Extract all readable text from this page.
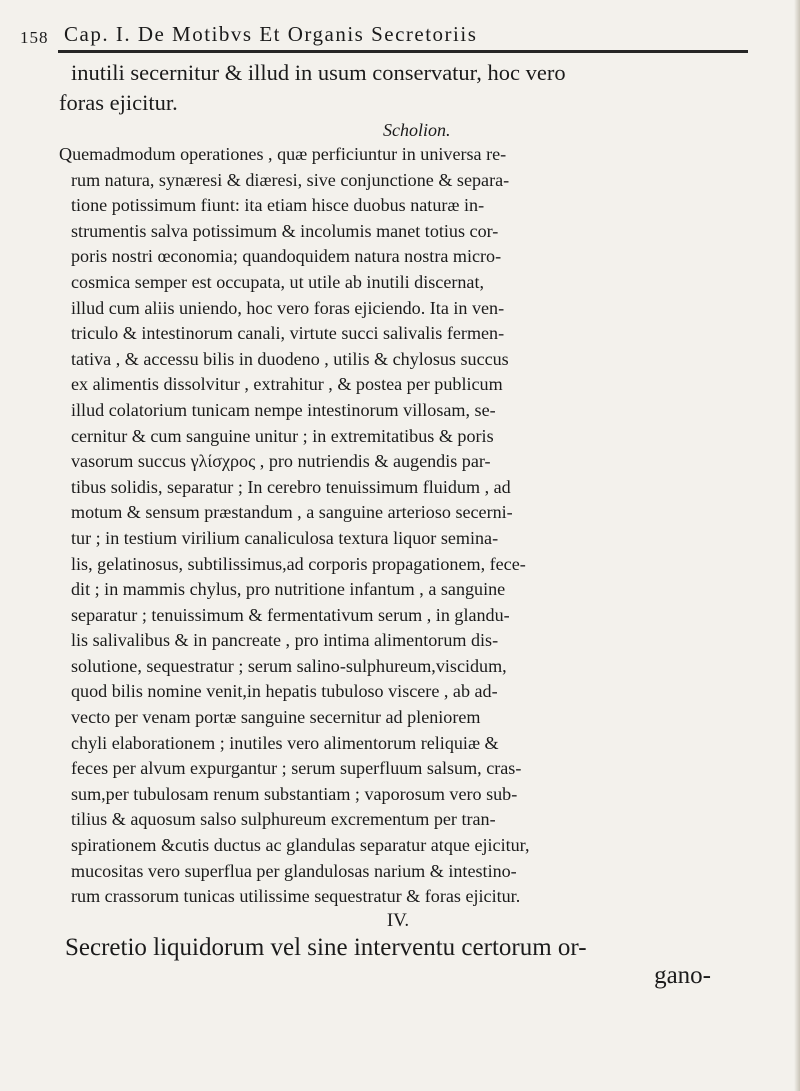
158 Cap. I. De Motibvs Et Organis Secretoriis

inutili secernitur & illud in usum conservatur, hoc vero

foras ejicitur.

Scholion.

Quemadmodum operationes , quæ perficiuntur in universa re-

rum natura, synæresi & diæresi, sive conjunctione & separa-

tione potissimum fiunt: ita etiam hisce duobus naturæ in-

strumentis salva potissimum & incolumis manet totius cor-

poris nostri œconomia; quandoquidem natura nostra micro-

cosmica semper est occupata, ut utile ab inutili discernat,

illud cum aliis uniendo, hoc vero foras ejiciendo. Ita in ven-

triculo & intestinorum canali, virtute succi salivalis fermen-

tativa , & accessu bilis in duodeno , utilis & chylosus succus

ex alimentis dissolvitur , extrahitur , & postea per publicum

illud colatorium tunicam nempe intestinorum villosam, se-

cernitur & cum sanguine unitur ; in extremitatibus & poris

vasorum succus γλίσχρος , pro nutriendis & augendis par-

tibus solidis, separatur ; In cerebro tenuissimum fluidum , ad

motum & sensum præstandum , a sanguine arterioso secerni-

tur ; in testium virilium canaliculosa textura liquor semina-

lis, gelatinosus, subtilissimus,ad corporis propagationem, fece-

dit ; in mammis chylus, pro nutritione infantum , a sanguine

separatur ; tenuissimum & fermentativum serum , in glandu-

lis salivalibus & in pancreate , pro intima alimentorum dis-

solutione, sequestratur ; serum salino-sulphureum,viscidum,

quod bilis nomine venit,in hepatis tubuloso viscere , ab ad-

vecto per venam portæ sanguine secernitur ad pleniorem

chyli elaborationem ; inutiles vero alimentorum reliquiæ &

feces per alvum expurgantur ; serum superfluum salsum, cras-

sum,per tubulosam renum substantiam ; vaporosum vero sub-

tilius & aquosum salso sulphureum excrementum per tran-

spirationem &cutis ductus ac glandulas separatur atque ejicitur,

mucositas vero superflua per glandulosas narium & intestino-

rum crassorum tunicas utilissime sequestratur & foras ejicitur.

IV.

Secretio liquidorum vel sine interventu certorum or-

gano-
